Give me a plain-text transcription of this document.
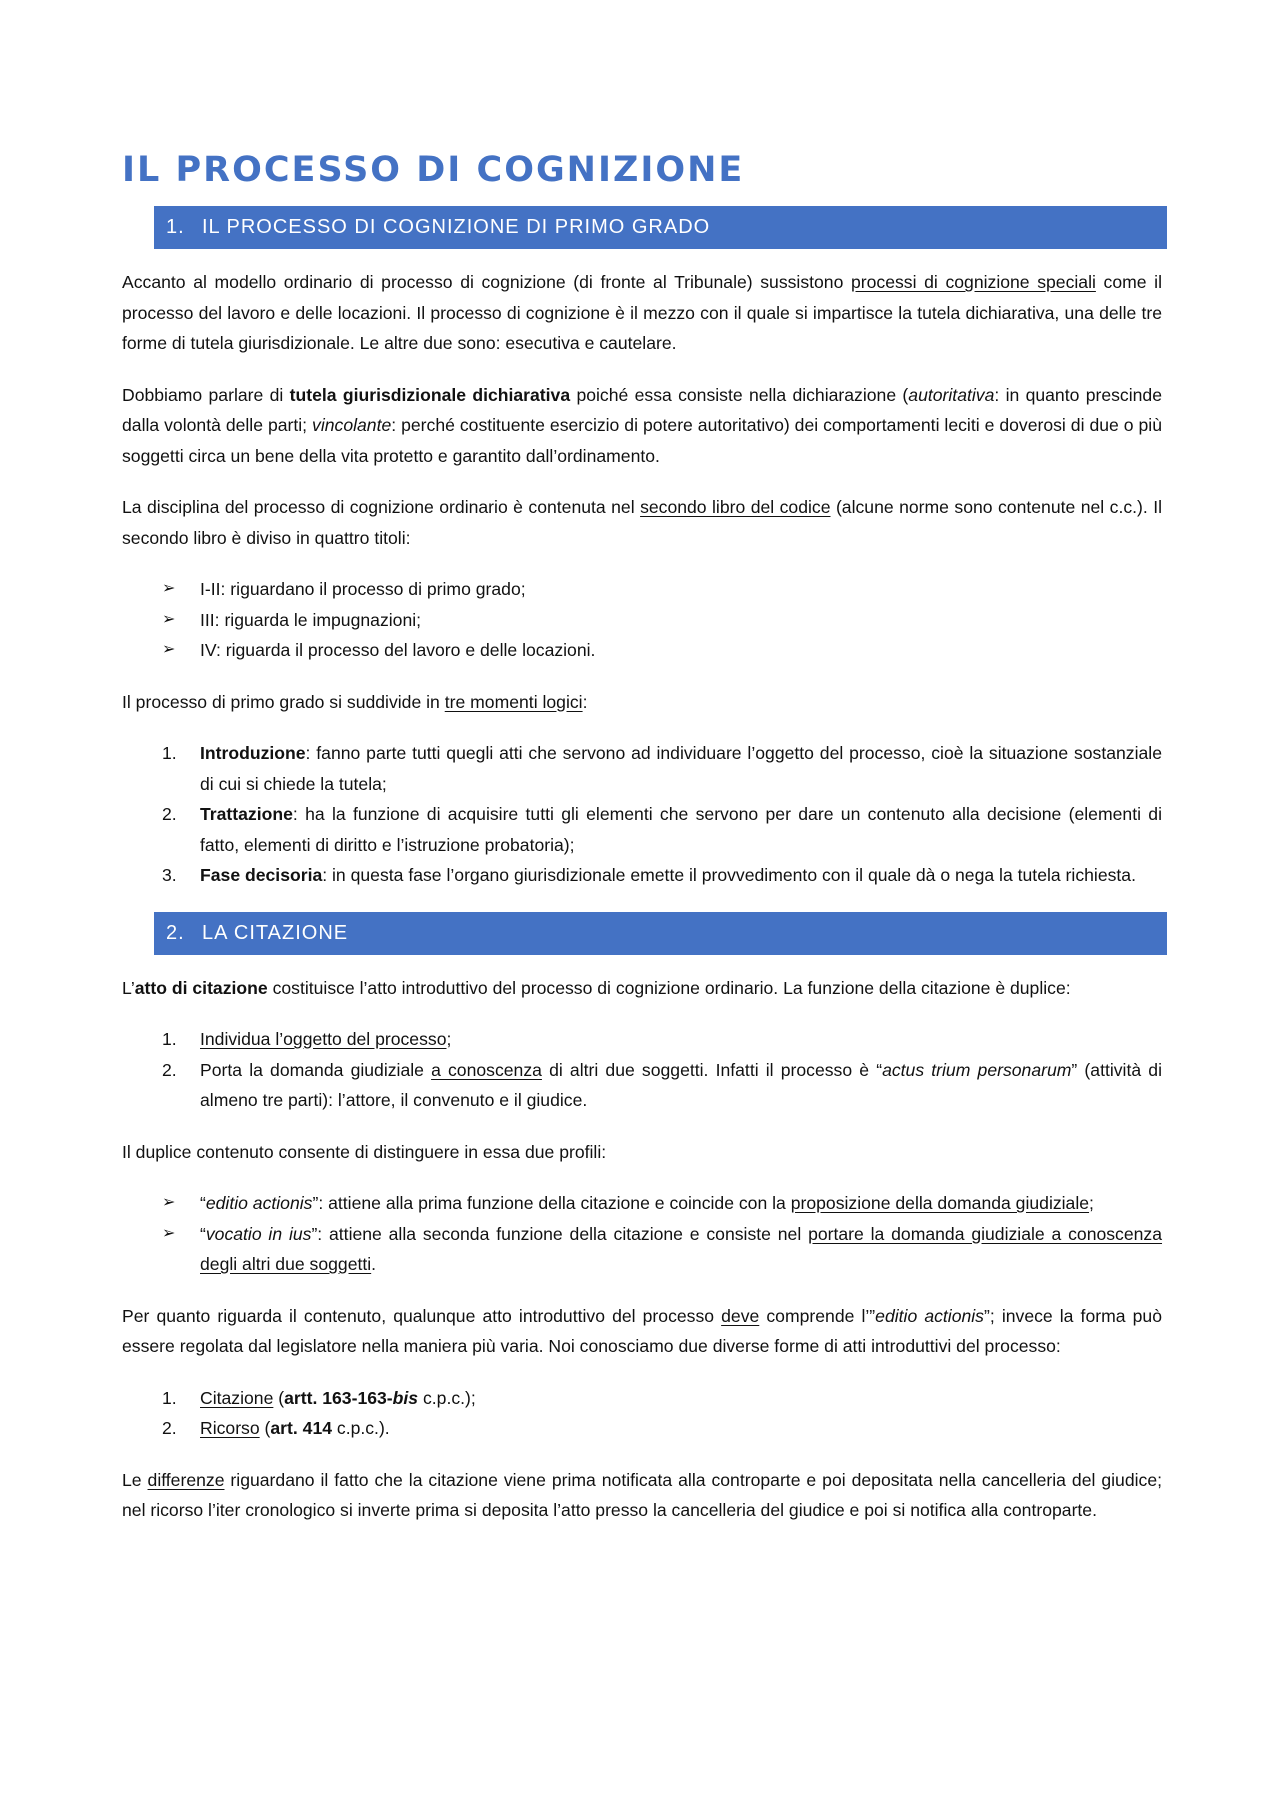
IL PROCESSO DI COGNIZIONE
1. IL PROCESSO DI COGNIZIONE DI PRIMO GRADO

Accanto al modello ordinario di processo di cognizione (di fronte al Tribunale) sussistono processi di cognizione speciali come il processo del lavoro e delle locazioni. Il processo di cognizione è il mezzo con il quale si impartisce la tutela dichiarativa, una delle tre forme di tutela giurisdizionale. Le altre due sono: esecutiva e cautelare.

Dobbiamo parlare di tutela giurisdizionale dichiarativa poiché essa consiste nella dichiarazione (autoritativa: in quanto prescinde dalla volontà delle parti; vincolante: perché costituente esercizio di potere autoritativo) dei comportamenti leciti e doverosi di due o più soggetti circa un bene della vita protetto e garantito dall’ordinamento.

La disciplina del processo di cognizione ordinario è contenuta nel secondo libro del codice (alcune norme sono contenute nel c.c.). Il secondo libro è diviso in quattro titoli:

➢ I-II: riguardano il processo di primo grado;
➢ III: riguarda le impugnazioni;
➢ IV: riguarda il processo del lavoro e delle locazioni.

Il processo di primo grado si suddivide in tre momenti logici:

1. Introduzione: fanno parte tutti quegli atti che servono ad individuare l’oggetto del processo, cioè la situazione sostanziale di cui si chiede la tutela;
2. Trattazione: ha la funzione di acquisire tutti gli elementi che servono per dare un contenuto alla decisione (elementi di fatto, elementi di diritto e l’istruzione probatoria);
3. Fase decisoria: in questa fase l’organo giurisdizionale emette il provvedimento con il quale dà o nega la tutela richiesta.
2. LA CITAZIONE

L’atto di citazione costituisce l’atto introduttivo del processo di cognizione ordinario. La funzione della citazione è duplice:

1. Individua l’oggetto del processo;
2. Porta la domanda giudiziale a conoscenza di altri due soggetti. Infatti il processo è “actus trium personarum” (attività di almeno tre parti): l’attore, il convenuto e il giudice.

Il duplice contenuto consente di distinguere in essa due profili:

➢ “editio actionis”: attiene alla prima funzione della citazione e coincide con la proposizione della domanda giudiziale;
➢ “vocatio in ius”: attiene alla seconda funzione della citazione e consiste nel portare la domanda giudiziale a conoscenza degli altri due soggetti.

Per quanto riguarda il contenuto, qualunque atto introduttivo del processo deve comprende l’”editio actionis”; invece la forma può essere regolata dal legislatore nella maniera più varia. Noi conosciamo due diverse forme di atti introduttivi del processo:

1. Citazione (artt. 163-163-bis c.p.c.);
2. Ricorso (art. 414 c.p.c.).

Le differenze riguardano il fatto che la citazione viene prima notificata alla controparte e poi depositata nella cancelleria del giudice; nel ricorso l’iter cronologico si inverte prima si deposita l’atto presso la cancelleria del giudice e poi si notifica alla controparte.
